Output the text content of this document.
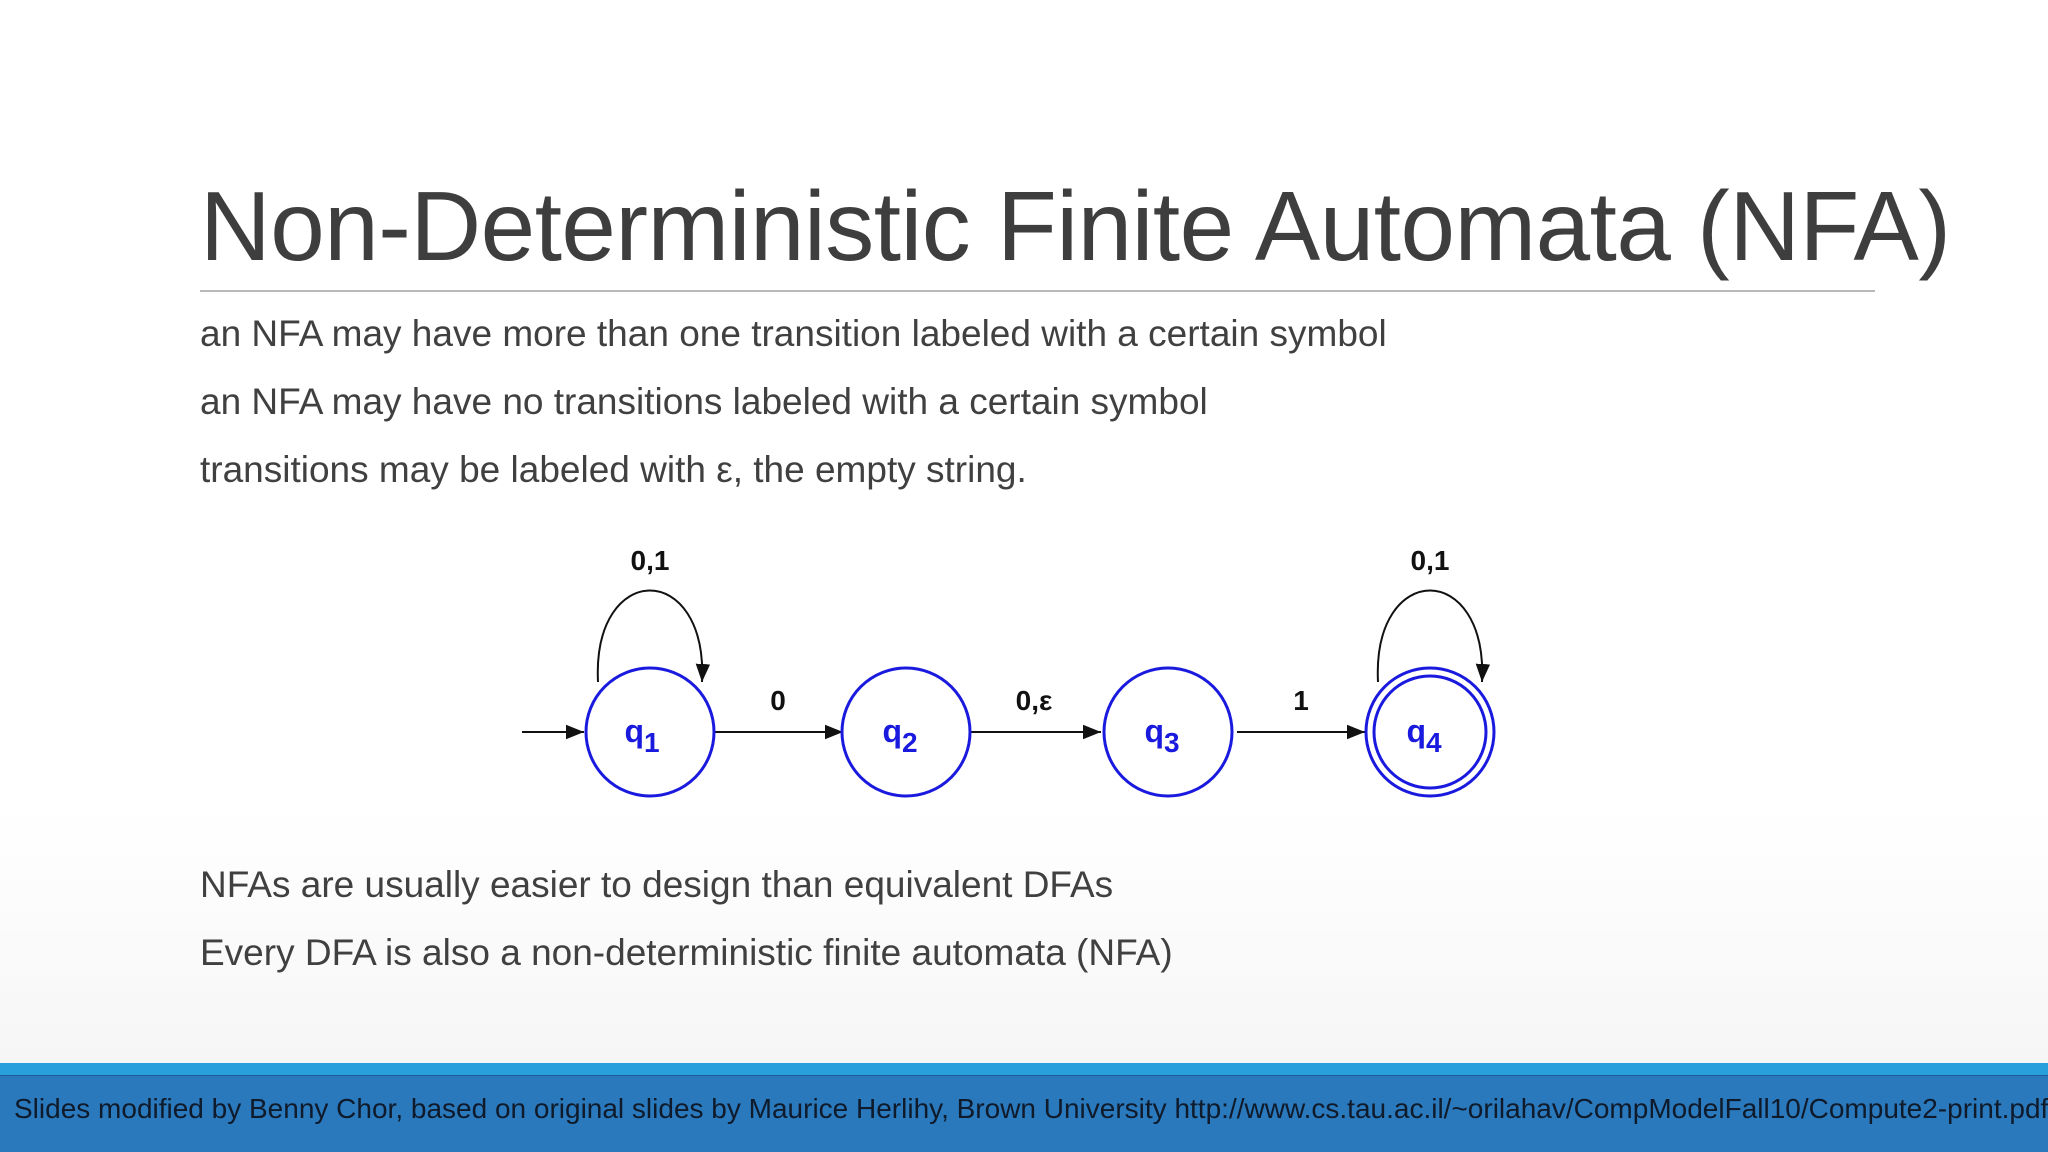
Non-Deterministic Finite Automata (NFA)
an NFA may have more than one transition labeled with a certain symbol
an NFA may have no transitions labeled with a certain symbol
transitions may be labeled with ε, the empty string.
0,1
0	0,ε	1
0,1
q1	q2	q3	q4
NFAs are usually easier to design than equivalent DFAs
Every DFA is also a non-deterministic finite automata (NFA)
Slides modified by Benny Chor, based on original slides by Maurice Herlihy, Brown University http://www.cs.tau.ac.il/~orilahav/CompModelFall10/Compute2-print.pdf
